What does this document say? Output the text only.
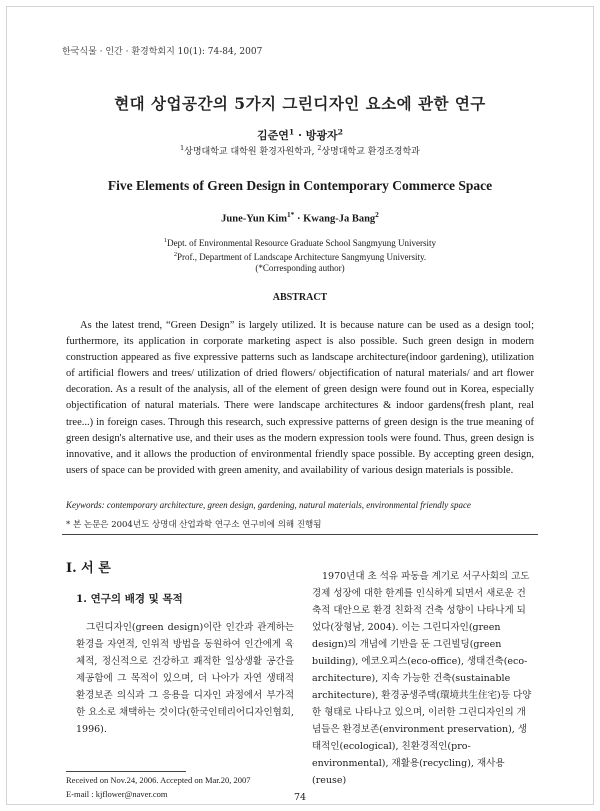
한국식물 · 인간 · 환경학회지 10(1): 74-84, 2007
현대 상업공간의 5가지 그린디자인 요소에 관한 연구
김준연$^1$ · 방광자$^2$
$^1$상명대학교 대학원 환경자원학과, $^2$상명대학교 환경조경학과
Five Elements of Green Design in Contemporary Commerce Space
June-Yun Kim$^{1*}$ · Kwang-Ja Bang$^2$
$^1$Dept. of Environmental Resource Graduate School Sangmyung University
$^2$Prof., Department of Landscape Architecture Sangmyung University.
(*Corresponding author)
ABSTRACT

As the latest trend, “Green Design” is largely utilized. It is because nature can be used as a design tool; furthermore, its application in corporate marketing aspect is also possible. Such green design in modern construction appeared as five expressive patterns such as landscape architecture(indoor gardening), utilization of artificial flowers and trees/ utilization of dried flowers/ objectification of natural materials/ and art flower decoration. As a result of the analysis, all of the element of green design were found out in Korea, especially objectification of natural materials. There were landscape architectures & indoor gardens(fresh plant, real tree...) in foreign cases. Through this research, such expressive patterns of green design is the true meaning of green design's alternative use, and their uses as the modern expression tools were found. Thus, green design is innovative, and it allows the production of environmental friendly space possible. By accepting green design, users of space can be provided with green amenity, and availability of various design materials is possible.

Keywords: contemporary architecture, green design, gardening, natural materials, environmental friendly space
* 본 논문은 2004년도 상명대 산업과학 연구소 연구비에 의해 진행됨
Ⅰ. 서 론
1. 연구의 배경 및 목적

그린디자인(green design)이란 인간과 관계하는 환경을 자연적, 인위적 방법을 동원하여 인간에게 육체적, 정신적으로 건강하고 쾌적한 일상생활 공간을 제공함에 그 목적이 있으며, 더 나아가 자연 생태적 환경보존 의식과 그 응용을 디자인 과정에서 부가적 한 요소로 채택하는 것이다(한국인테리어디자인협회, 1996).

Received on Nov.24, 2006. Accepted on Mar.20, 2007
E-mail : kjflower@naver.com

1970년대 초 석유 파동을 계기로 서구사회의 고도 경제 성장에 대한 한계를 인식하게 되면서 새로운 건축적 대안으로 환경 친화적 건축 성향이 나타나게 되었다(장형남, 2004). 이는 그린디자인(green design)의 개념에 기반을 둔 그린빌딩(green building), 에코오피스(eco-office), 생태건축(eco-architecture), 지속 가능한 건축(sustainable architecture), 환경공생주택(環境共生住宅)등 다양한 형태로 나타나고 있으며, 이러한 그린디자인의 개념들은 환경보존(environment preservation), 생태적인(ecological), 친환경적인(pro-environmental), 재활용(recycling), 재사용(reuse)

74
